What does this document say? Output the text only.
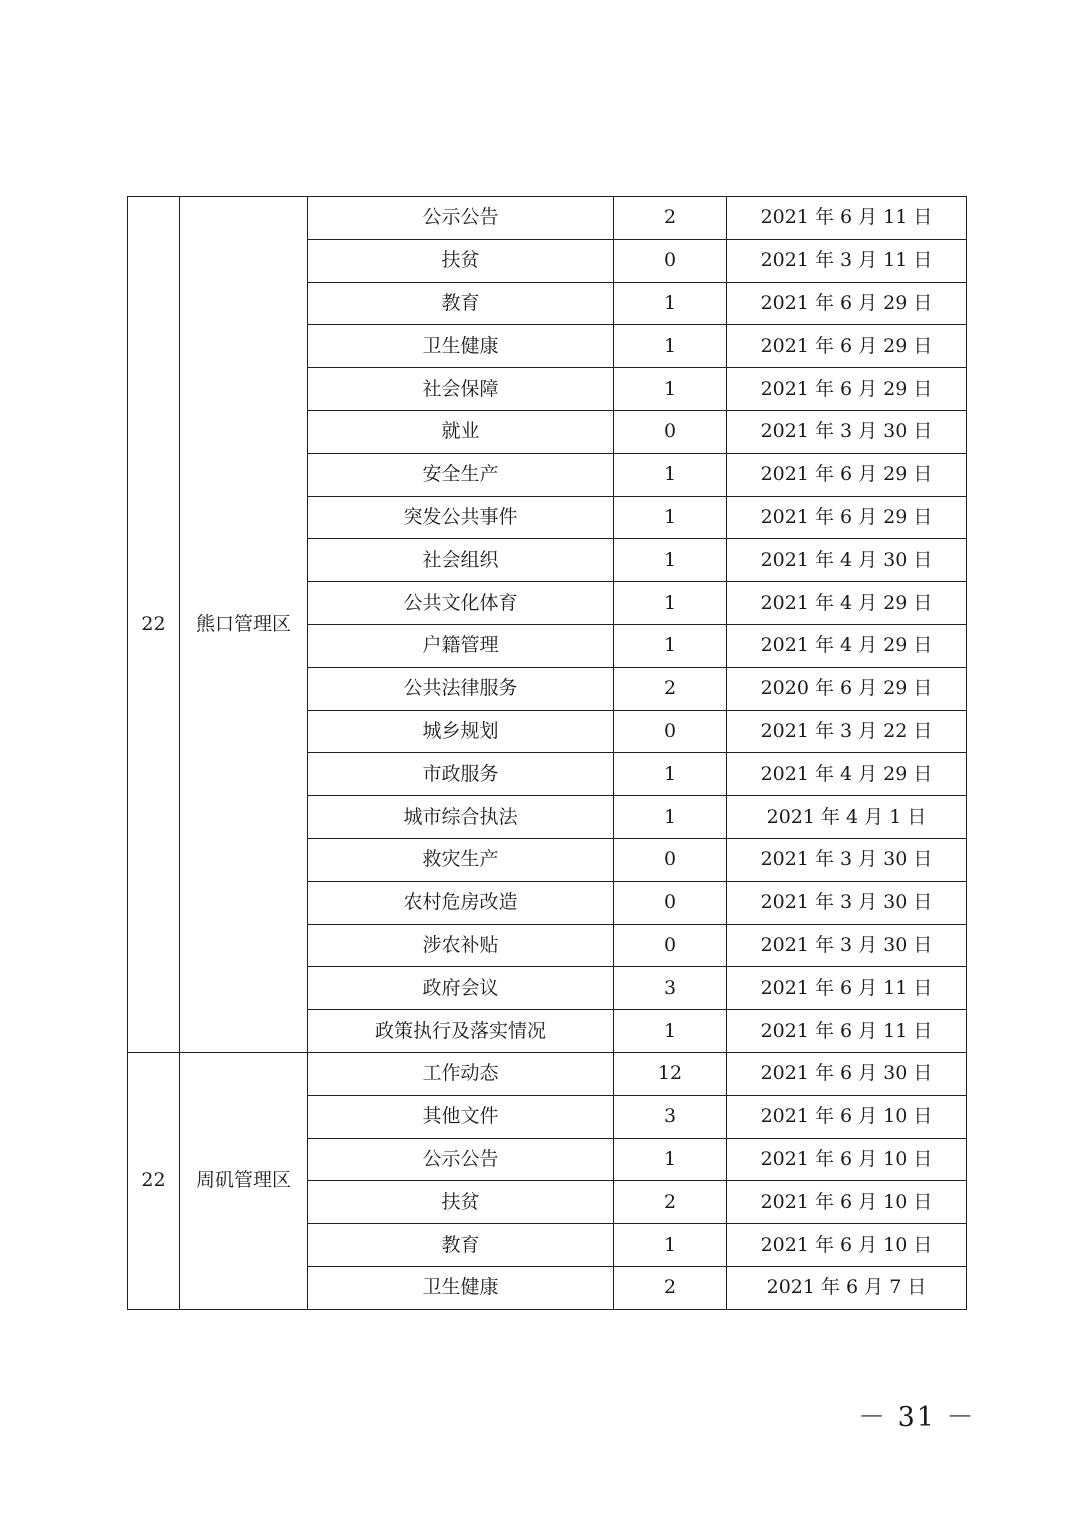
22	熊口管理区	公示公告	2	2021 年 6 月 11 日
		扶贫	0	2021 年 3 月 11 日
		教育	1	2021 年 6 月 29 日
		卫生健康	1	2021 年 6 月 29 日
		社会保障	1	2021 年 6 月 29 日
		就业	0	2021 年 3 月 30 日
		安全生产	1	2021 年 6 月 29 日
		突发公共事件	1	2021 年 6 月 29 日
		社会组织	1	2021 年 4 月 30 日
		公共文化体育	1	2021 年 4 月 29 日
		户籍管理	1	2021 年 4 月 29 日
		公共法律服务	2	2020 年 6 月 29 日
		城乡规划	0	2021 年 3 月 22 日
		市政服务	1	2021 年 4 月 29 日
		城市综合执法	1	2021 年 4 月 1 日
		救灾生产	0	2021 年 3 月 30 日
		农村危房改造	0	2021 年 3 月 30 日
		涉农补贴	0	2021 年 3 月 30 日
		政府会议	3	2021 年 6 月 11 日
		政策执行及落实情况	1	2021 年 6 月 11 日
22	周矶管理区	工作动态	12	2021 年 6 月 30 日
		其他文件	3	2021 年 6 月 10 日
		公示公告	1	2021 年 6 月 10 日
		扶贫	2	2021 年 6 月 10 日
		教育	1	2021 年 6 月 10 日
		卫生健康	2	2021 年 6 月 7 日
－ 31 －
